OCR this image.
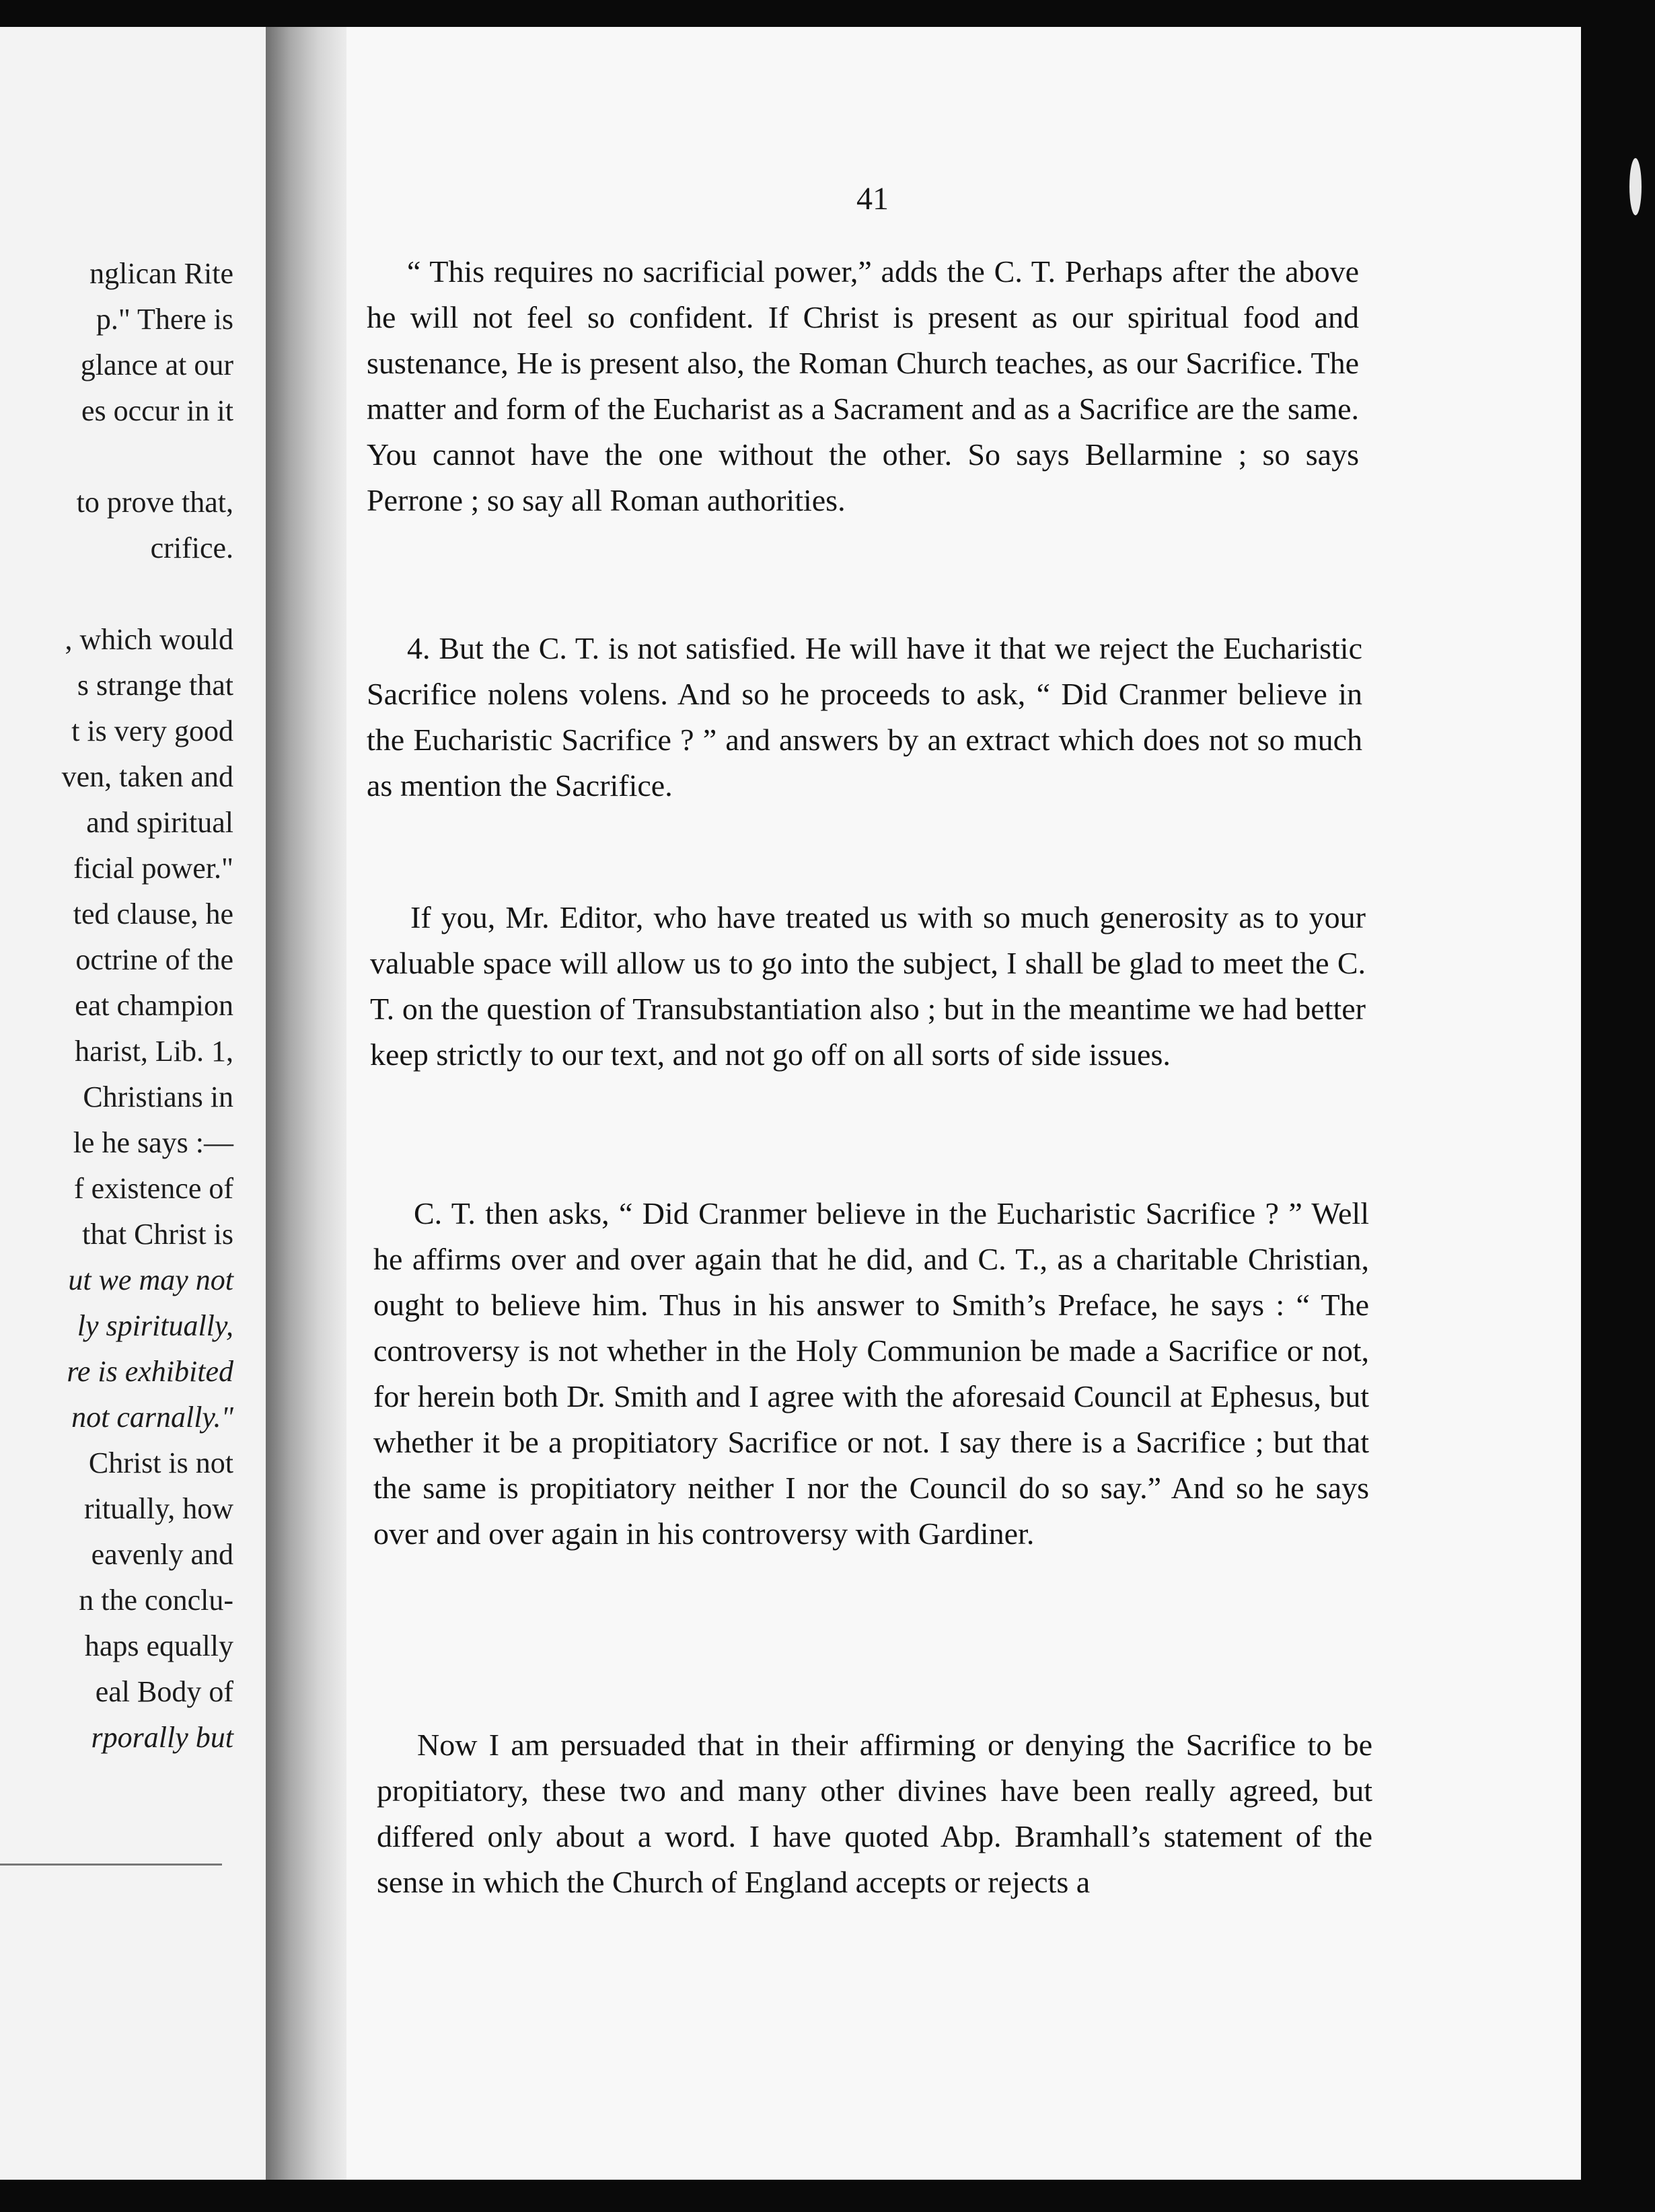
nglican Rite
p." There is
glance at our
es occur in it
to prove that,
crifice.
, which would
s strange that
t is very good
ven, taken and
and spiritual
ficial power."
ted clause, he
octrine of the
eat champion
harist, Lib. 1,
Christians in
le he says :—
f existence of
that Christ is
ut we may not
ly spiritually,
re is exhibited
not carnally."
Christ is not
ritually, how
eavenly and
n the conclu-
haps equally
eal Body of
rporally but
41

“ This requires no sacrificial power,” adds the C. T. Perhaps after the above he will not feel so confident. If Christ is present as our spiritual food and sustenance, He is present also, the Roman Church teaches, as our Sacrifice. The matter and form of the Eucharist as a Sacrament and as a Sacrifice are the same. You cannot have the one without the other. So says Bellarmine ; so says Perrone ; so say all Roman authorities.

4. But the C. T. is not satisfied. He will have it that we reject the Eucharistic Sacrifice nolens volens. And so he proceeds to ask, “ Did Cranmer believe in the Eucharistic Sacrifice ? ” and answers by an extract which does not so much as mention the Sacrifice.

If you, Mr. Editor, who have treated us with so much generosity as to your valuable space will allow us to go into the subject, I shall be glad to meet the C. T. on the question of Transubstantiation also ; but in the meantime we had better keep strictly to our text, and not go off on all sorts of side issues.

C. T. then asks, “ Did Cranmer believe in the Eucharistic Sacrifice ? ” Well he affirms over and over again that he did, and C. T., as a charitable Christian, ought to believe him. Thus in his answer to Smith’s Preface, he says : “ The controversy is not whether in the Holy Communion be made a Sacrifice or not, for herein both Dr. Smith and I agree with the aforesaid Council at Ephesus, but whether it be a propitiatory Sacrifice or not. I say there is a Sacrifice ; but that the same is propitiatory neither I nor the Council do so say.” And so he says over and over again in his controversy with Gardiner.

Now I am persuaded that in their affirming or denying the Sacrifice to be propitiatory, these two and many other divines have been really agreed, but differed only about a word. I have quoted Abp. Bramhall’s statement of the sense in which the Church of England accepts or rejects a
